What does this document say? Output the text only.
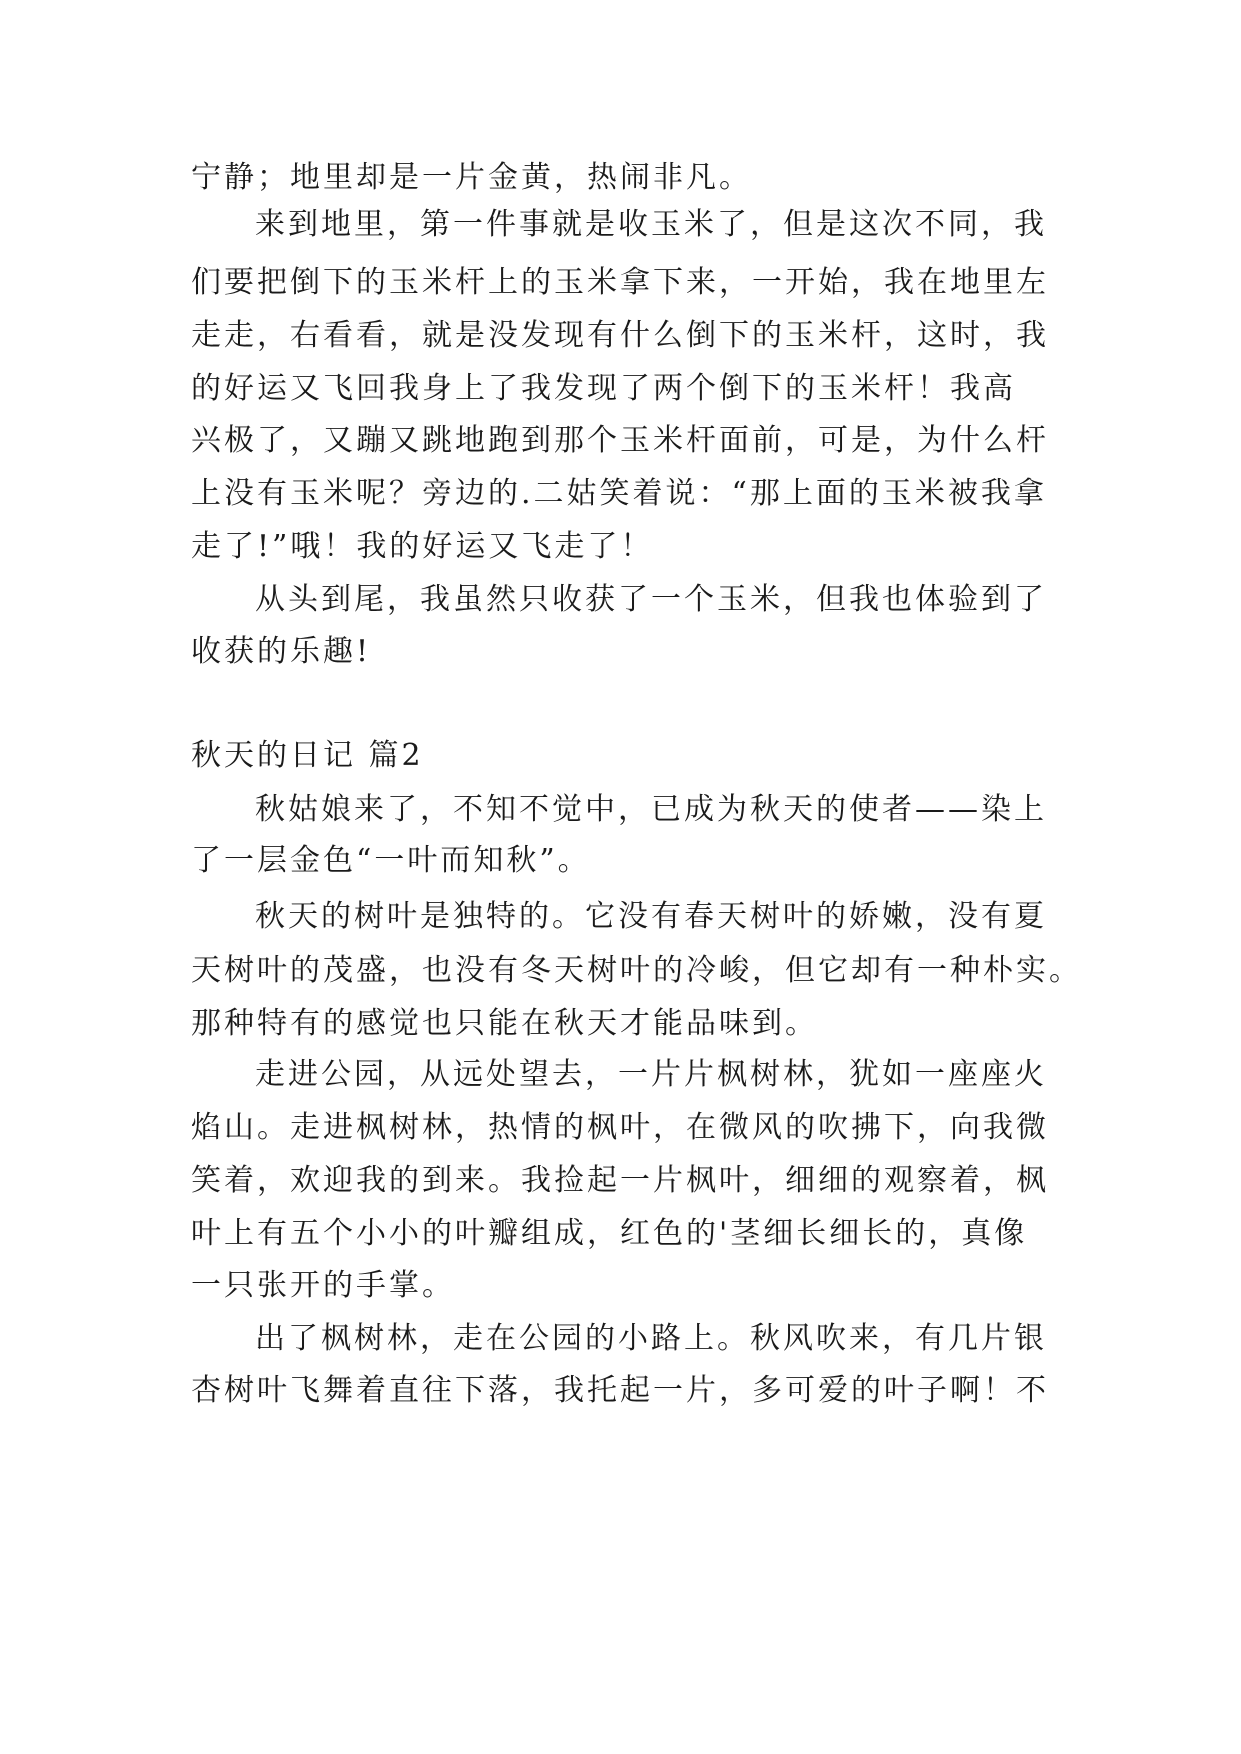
宁静；地里却是一片金黄，热闹非凡。
来到地里，第一件事就是收玉米了，但是这次不同，我
们要把倒下的玉米杆上的玉米拿下来，一开始，我在地里左
走走，右看看，就是没发现有什么倒下的玉米杆，这时，我
的好运又飞回我身上了我发现了两个倒下的玉米杆！我高
兴极了，又蹦又跳地跑到那个玉米杆面前，可是，为什么杆
上没有玉米呢？旁边的.二姑笑着说：“那上面的玉米被我拿
走了!”哦！我的好运又飞走了！
从头到尾，我虽然只收获了一个玉米，但我也体验到了
收获的乐趣!
秋天的日记 篇2
秋姑娘来了，不知不觉中，已成为秋天的使者——染上
了一层金色“一叶而知秋”。
秋天的树叶是独特的。它没有春天树叶的娇嫩，没有夏
天树叶的茂盛，也没有冬天树叶的冷峻，但它却有一种朴实。
那种特有的感觉也只能在秋天才能品味到。
走进公园，从远处望去，一片片枫树林，犹如一座座火
焰山。走进枫树林，热情的枫叶，在微风的吹拂下，向我微
笑着，欢迎我的到来。我捡起一片枫叶，细细的观察着，枫
叶上有五个小小的叶瓣组成，红色的'茎细长细长的，真像
一只张开的手掌。
出了枫树林，走在公园的小路上。秋风吹来，有几片银
杏树叶飞舞着直往下落，我托起一片，多可爱的叶子啊！不
